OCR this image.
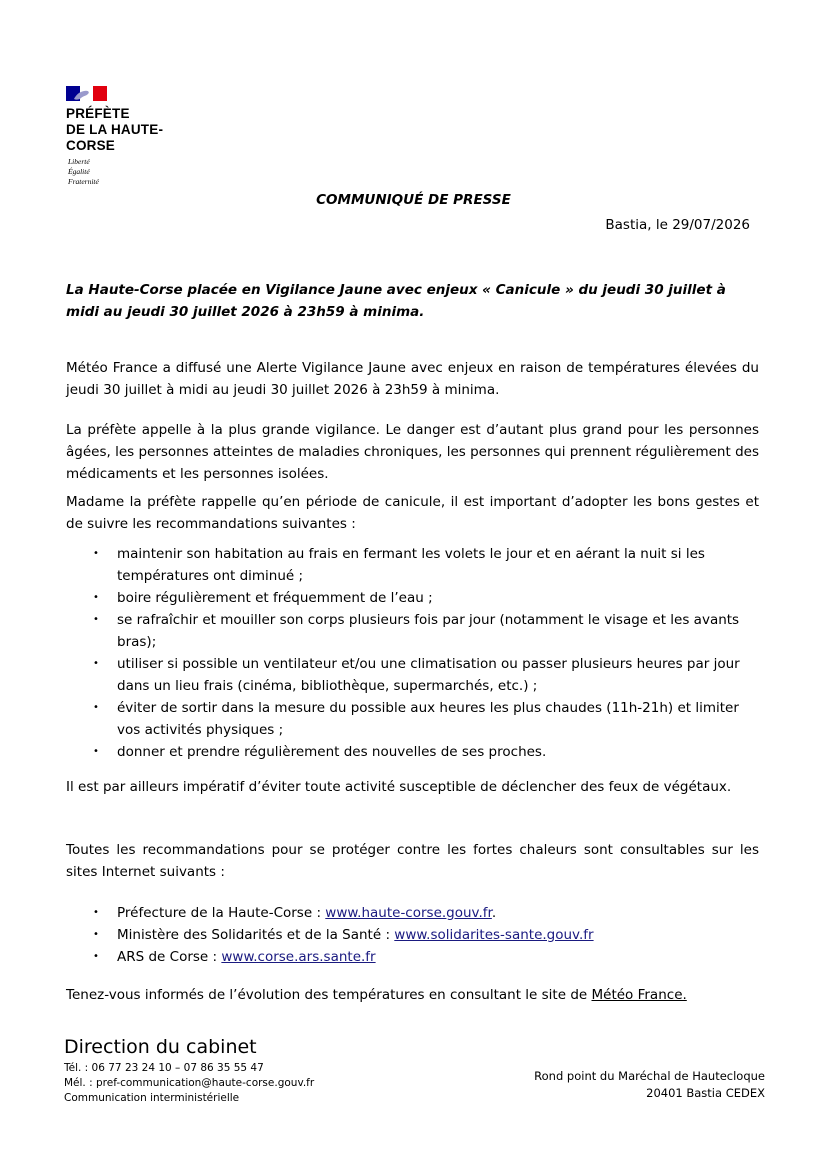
PRÉFÈTE
DE LA HAUTE-
CORSE
Liberté
Égalité
Fraternité
COMMUNIQUÉ DE PRESSE
Bastia, le 29/07/2026
La Haute-Corse placée en Vigilance Jaune avec enjeux « Canicule » du jeudi 30 juillet à midi au jeudi 30 juillet 2026 à 23h59 à minima.
Météo France a diffusé une Alerte Vigilance Jaune avec enjeux en raison de températures élevées du jeudi 30 juillet à midi au jeudi 30 juillet 2026 à 23h59 à minima.
La préfète appelle à la plus grande vigilance. Le danger est d’autant plus grand pour les personnes âgées, les personnes atteintes de maladies chroniques, les personnes qui prennent régulièrement des médicaments et les personnes isolées.
Madame la préfète rappelle qu’en période de canicule, il est important d’adopter les bons gestes et de suivre les recommandations suivantes :
• maintenir son habitation au frais en fermant les volets le jour et en aérant la nuit si les températures ont diminué ;
• boire régulièrement et fréquemment de l’eau ;
• se rafraîchir et mouiller son corps plusieurs fois par jour (notamment le visage et les avants bras);
• utiliser si possible un ventilateur et/ou une climatisation ou passer plusieurs heures par jour dans un lieu frais (cinéma, bibliothèque, supermarchés, etc.) ;
• éviter de sortir dans la mesure du possible aux heures les plus chaudes (11h-21h) et limiter vos activités physiques ;
• donner et prendre régulièrement des nouvelles de ses proches.
Il est par ailleurs impératif d’éviter toute activité susceptible de déclencher des feux de végétaux.
Toutes les recommandations pour se protéger contre les fortes chaleurs sont consultables sur les sites Internet suivants :
• Préfecture de la Haute-Corse : www.haute-corse.gouv.fr.
• Ministère des Solidarités et de la Santé : www.solidarites-sante.gouv.fr
• ARS de Corse : www.corse.ars.sante.fr
Tenez-vous informés de l’évolution des températures en consultant le site de Météo France.
Direction du cabinet
Tél. : 06 77 23 24 10 – 07 86 35 55 47
Mél. : pref-communication@haute-corse.gouv.fr
Communication interministérielle
Rond point du Maréchal de Hautecloque
20401 Bastia CEDEX
